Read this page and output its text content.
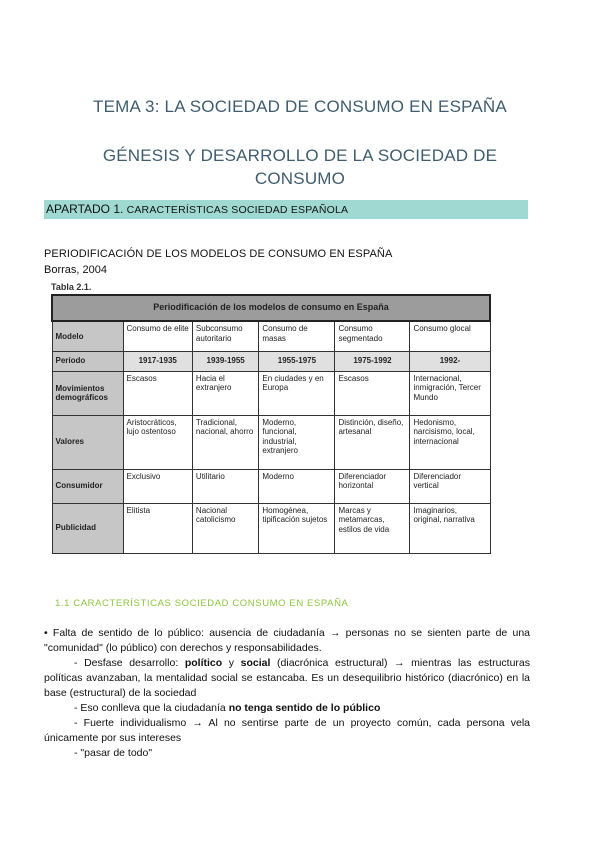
TEMA 3: LA SOCIEDAD DE CONSUMO EN ESPAÑA
GÉNESIS Y DESARROLLO DE LA SOCIEDAD DE
CONSUMO
APARTADO 1. CARACTERÍSTICAS SOCIEDAD ESPAÑOLA
PERIODIFICACIÓN DE LOS MODELOS DE CONSUMO EN ESPAÑA
Borras, 2004
Tabla 2.1.
Periodificación de los modelos de consumo en España					
Modelo	Consumo de elite	Subconsumo autoritario	Consumo de masas	Consumo segmentado	Consumo glocal
Período	1917-1935	1939-1955	1955-1975	1975-1992	1992-
Movimientos demográficos	Escasos	Hacia el extranjero	En ciudades y en Europa	Escasos	Internacional, inmigración, Tercer Mundo
Valores	Aristocráticos, lujo ostentoso	Tradicional, nacional, ahorro	Moderno, funcional, industrial, extranjero	Distinción, diseño, artesanal	Hedonismo, narcisismo, local, internacional
Consumidor	Exclusivo	Utilitario	Moderno	Diferenciador horizontal	Diferenciador vertical
Publicidad	Elitista	Nacional catolicismo	Homogénea, tipificación sujetos	Marcas y metamarcas, estilos de vida	Imaginarios, original, narrativa
1.1 CARACTERÍSTICAS SOCIEDAD CONSUMO EN ESPAÑA

• Falta de sentido de lo público: ausencia de ciudadanía → personas no se sienten parte de una "comunidad" (lo público) con derechos y responsabilidades.

- Desfase desarrollo: político y social (diacrónica estructural) → mientras las estructuras políticas avanzaban, la mentalidad social se estancaba. Es un desequilibrio histórico (diacrónico) en la base (estructural) de la sociedad

- Eso conlleva que la ciudadanía no tenga sentido de lo público

- Fuerte individualismo → Al no sentirse parte de un proyecto común, cada persona vela únicamente por sus intereses

- "pasar de todo"
